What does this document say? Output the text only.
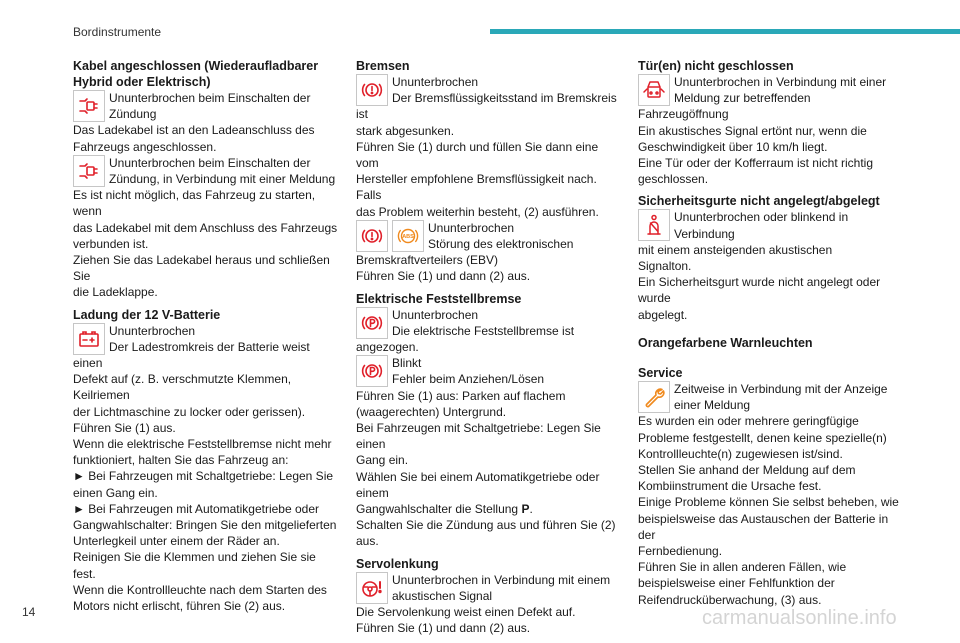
Bordinstrumente
Kabel angeschlossen (Wiederaufladbarer
Hybrid oder Elektrisch)

Ununterbrochen beim Einschalten der
Zündung

Das Ladekabel ist an den Ladeanschluss des
Fahrzeugs angeschlossen.

Ununterbrochen beim Einschalten der
Zündung, in Verbindung mit einer Meldung

Es ist nicht möglich, das Fahrzeug zu starten, wenn
das Ladekabel mit dem Anschluss des Fahrzeugs
verbunden ist.
Ziehen Sie das Ladekabel heraus und schließen Sie
die Ladeklappe.

Ladung der 12 V-Batterie

Ununterbrochen
Der Ladestromkreis der Batterie weist einen

Defekt auf (z. B. verschmutzte Klemmen, Keilriemen
der Lichtmaschine zu locker oder gerissen).
Führen Sie (1) aus.
Wenn die elektrische Feststellbremse nicht mehr
funktioniert, halten Sie das Fahrzeug an:
► Bei Fahrzeugen mit Schaltgetriebe: Legen Sie
einen Gang ein.
► Bei Fahrzeugen mit Automatikgetriebe oder
Gangwahlschalter: Bringen Sie den mitgelieferten
Unterlegkeil unter einem der Räder an.
Reinigen Sie die Klemmen und ziehen Sie sie fest.
Wenn die Kontrollleuchte nach dem Starten des
Motors nicht erlischt, führen Sie (2) aus.

Bremsen

Ununterbrochen
Der Bremsflüssigkeitsstand im Bremskreis ist

stark abgesunken.
Führen Sie (1) durch und füllen Sie dann eine vom
Hersteller empfohlene Bremsflüssigkeit nach. Falls
das Problem weiterhin besteht, (2) ausführen.

ABS

Ununterbrochen
Störung des elektronischen

Bremskraftverteilers (EBV)
Führen Sie (1) und dann (2) aus.

Elektrische Feststellbremse

Ununterbrochen
Die elektrische Feststellbremse ist

angezogen.

Blinkt
Fehler beim Anziehen/Lösen

Führen Sie (1) aus: Parken auf flachem
(waagerechten) Untergrund.
Bei Fahrzeugen mit Schaltgetriebe: Legen Sie einen
Gang ein.
Wählen Sie bei einem Automatikgetriebe oder einem
Gangwahlschalter die Stellung P.
Schalten Sie die Zündung aus und führen Sie (2)
aus.

Servolenkung

Ununterbrochen in Verbindung mit einem
akustischen Signal

Die Servolenkung weist einen Defekt auf.
Führen Sie (1) und dann (2) aus.

Tür(en) nicht geschlossen

Ununterbrochen in Verbindung mit einer
Meldung zur betreffenden Fahrzeugöffnung

Ein akustisches Signal ertönt nur, wenn die
Geschwindigkeit über 10 km/h liegt.
Eine Tür oder der Kofferraum ist nicht richtig
geschlossen.

Sicherheitsgurte nicht angelegt/abgelegt

Ununterbrochen oder blinkend in Verbindung
mit einem ansteigenden akustischen

Signalton.
Ein Sicherheitsgurt wurde nicht angelegt oder wurde
abgelegt.

Orangefarbene Warnleuchten

Service

Zeitweise in Verbindung mit der Anzeige
einer Meldung

Es wurden ein oder mehrere geringfügige
Probleme festgestellt, denen keine spezielle(n)
Kontrollleuchte(n) zugewiesen ist/sind.
Stellen Sie anhand der Meldung auf dem
Kombiinstrument die Ursache fest.
Einige Probleme können Sie selbst beheben, wie
beispielsweise das Austauschen der Batterie in der
Fernbedienung.
Führen Sie in allen anderen Fällen, wie
beispielsweise einer Fehlfunktion der
Reifendrucküberwachung, (3) aus.

14	carmanualsonline.info
